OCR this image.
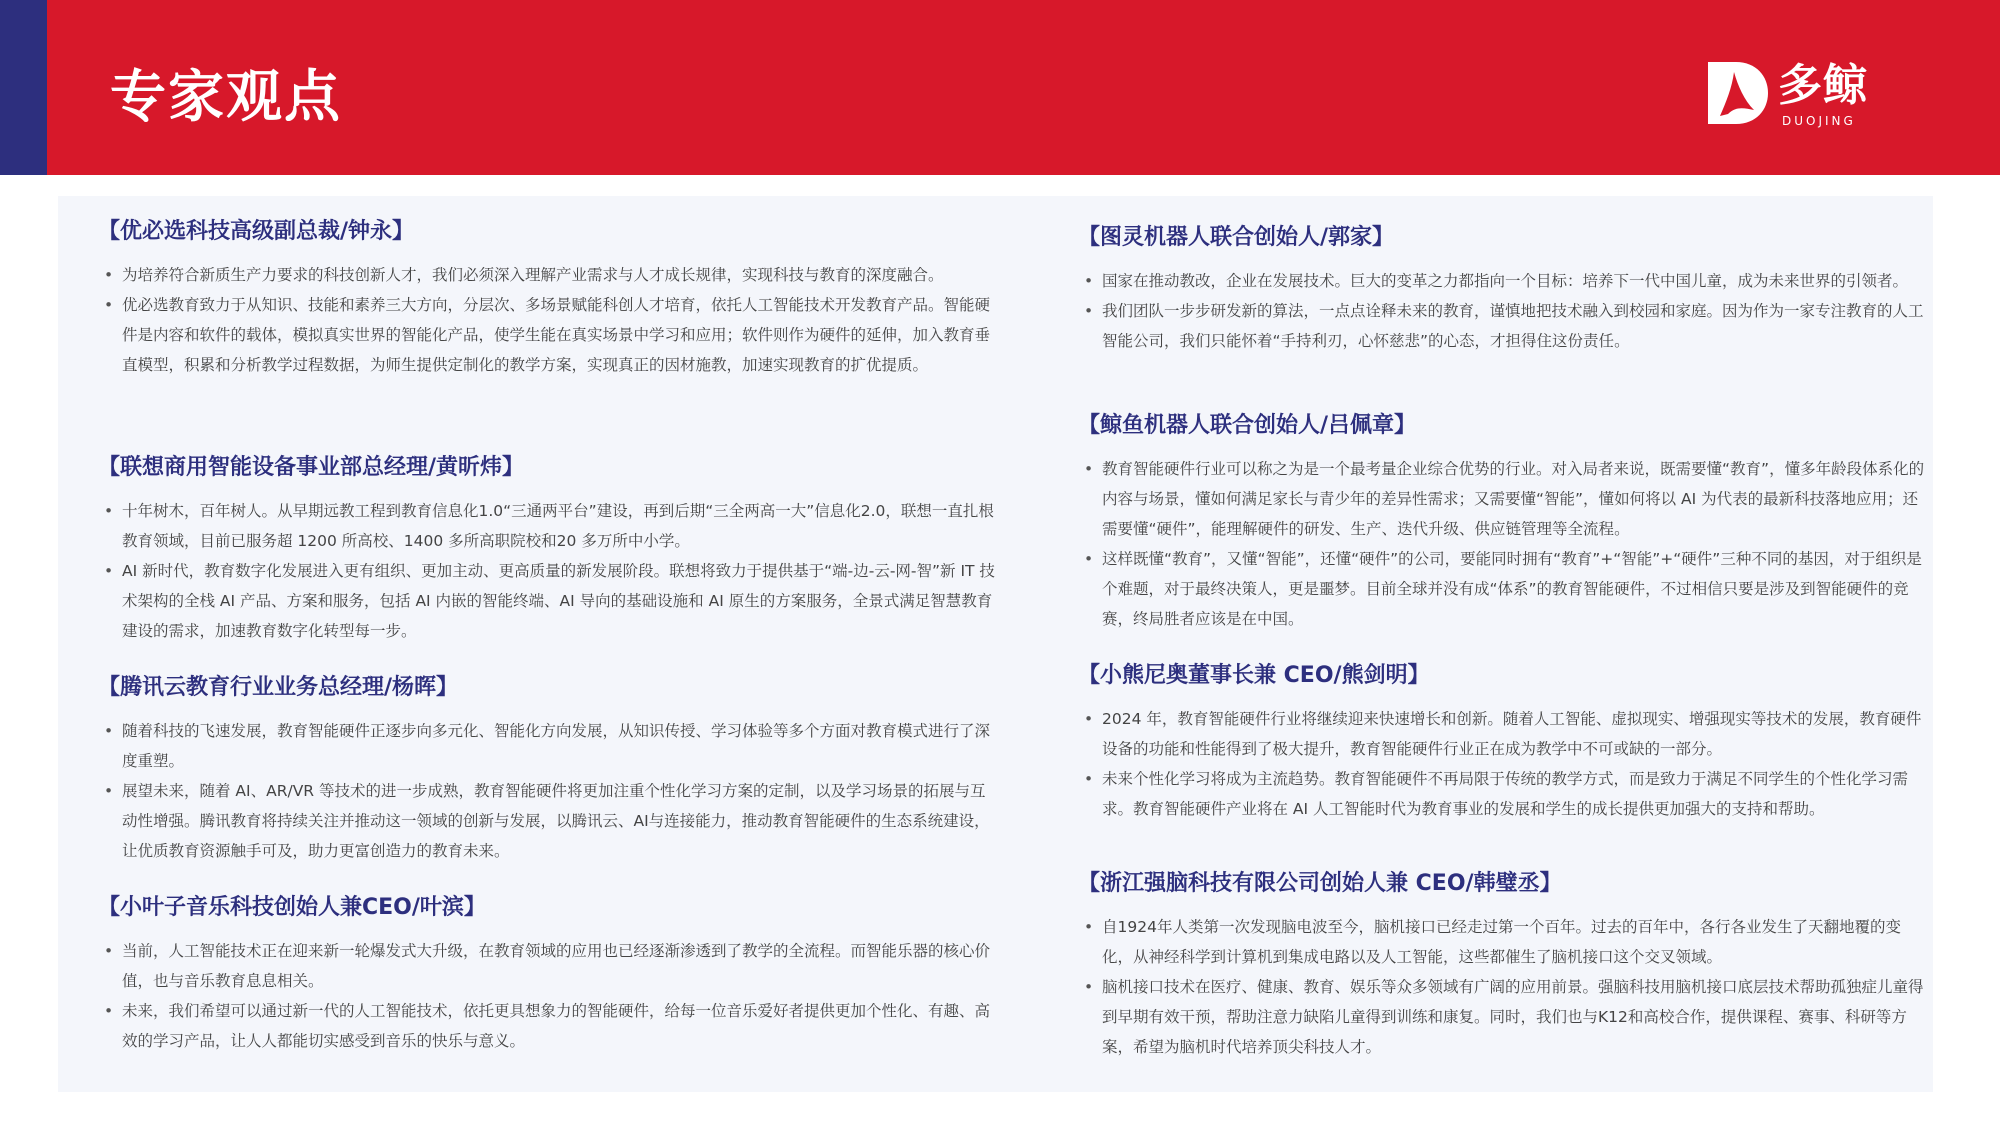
专家观点	多鲸
DUOJING
【优必选科技高级副总裁/钟永】
• 为培养符合新质生产力要求的科技创新人才，我们必须深入理解产业需求与人才成长规律，实现科技与教育的深度融合。
• 优必选教育致力于从知识、技能和素养三大方向，分层次、多场景赋能科创人才培育，依托人工智能技术开发教育产品。智能硬件是内容和软件的载体，模拟真实世界的智能化产品，使学生能在真实场景中学习和应用；软件则作为硬件的延伸，加入教育垂直模型，积累和分析教学过程数据，为师生提供定制化的教学方案，实现真正的因材施教，加速实现教育的扩优提质。
【联想商用智能设备事业部总经理/黄昕炜】
• 十年树木，百年树人。从早期远教工程到教育信息化1.0“三通两平台”建设，再到后期“三全两高一大”信息化2.0，联想一直扎根教育领域，目前已服务超 1200 所高校、1400 多所高职院校和20 多万所中小学。
• AI 新时代，教育数字化发展进入更有组织、更加主动、更高质量的新发展阶段。联想将致力于提供基于“端-边-云-网-智”新 IT 技术架构的全栈 AI 产品、方案和服务，包括 AI 内嵌的智能终端、AI 导向的基础设施和 AI 原生的方案服务，全景式满足智慧教育建设的需求，加速教育数字化转型每一步。
【腾讯云教育行业业务总经理/杨晖】
• 随着科技的飞速发展，教育智能硬件正逐步向多元化、智能化方向发展，从知识传授、学习体验等多个方面对教育模式进行了深度重塑。
• 展望未来，随着 AI、AR/VR 等技术的进一步成熟，教育智能硬件将更加注重个性化学习方案的定制，以及学习场景的拓展与互动性增强。腾讯教育将持续关注并推动这一领域的创新与发展，以腾讯云、AI与连接能力，推动教育智能硬件的生态系统建设，让优质教育资源触手可及，助力更富创造力的教育未来。
【小叶子音乐科技创始人兼CEO/叶滨】
• 当前，人工智能技术正在迎来新一轮爆发式大升级，在教育领域的应用也已经逐渐渗透到了教学的全流程。而智能乐器的核心价值，也与音乐教育息息相关。
• 未来，我们希望可以通过新一代的人工智能技术，依托更具想象力的智能硬件，给每一位音乐爱好者提供更加个性化、有趣、高效的学习产品，让人人都能切实感受到音乐的快乐与意义。
【图灵机器人联合创始人/郭家】
• 国家在推动教改，企业在发展技术。巨大的变革之力都指向一个目标：培养下一代中国儿童，成为未来世界的引领者。
• 我们团队一步步研发新的算法，一点点诠释未来的教育，谨慎地把技术融入到校园和家庭。因为作为一家专注教育的人工智能公司，我们只能怀着“手持利刃，心怀慈悲”的心态，才担得住这份责任。
【鲸鱼机器人联合创始人/吕佩章】
• 教育智能硬件行业可以称之为是一个最考量企业综合优势的行业。对入局者来说，既需要懂“教育”，懂多年龄段体系化的内容与场景，懂如何满足家长与青少年的差异性需求；又需要懂“智能”，懂如何将以 AI 为代表的最新科技落地应用；还需要懂“硬件”，能理解硬件的研发、生产、迭代升级、供应链管理等全流程。
• 这样既懂“教育”，又懂“智能”，还懂“硬件”的公司，要能同时拥有“教育”+“智能”+“硬件”三种不同的基因，对于组织是个难题，对于最终决策人，更是噩梦。目前全球并没有成“体系”的教育智能硬件，不过相信只要是涉及到智能硬件的竞赛，终局胜者应该是在中国。
【小熊尼奥董事长兼 CEO/熊剑明】
• 2024 年，教育智能硬件行业将继续迎来快速增长和创新。随着人工智能、虚拟现实、增强现实等技术的发展，教育硬件设备的功能和性能得到了极大提升，教育智能硬件行业正在成为教学中不可或缺的一部分。
• 未来个性化学习将成为主流趋势。教育智能硬件不再局限于传统的教学方式，而是致力于满足不同学生的个性化学习需求。教育智能硬件产业将在 AI 人工智能时代为教育事业的发展和学生的成长提供更加强大的支持和帮助。
【浙江强脑科技有限公司创始人兼 CEO/韩璧丞】
• 自1924年人类第一次发现脑电波至今，脑机接口已经走过第一个百年。过去的百年中，各行各业发生了天翻地覆的变化，从神经科学到计算机到集成电路以及人工智能，这些都催生了脑机接口这个交叉领域。
• 脑机接口技术在医疗、健康、教育、娱乐等众多领域有广阔的应用前景。强脑科技用脑机接口底层技术帮助孤独症儿童得到早期有效干预，帮助注意力缺陷儿童得到训练和康复。同时，我们也与K12和高校合作，提供课程、赛事、科研等方案，希望为脑机时代培养顶尖科技人才。
